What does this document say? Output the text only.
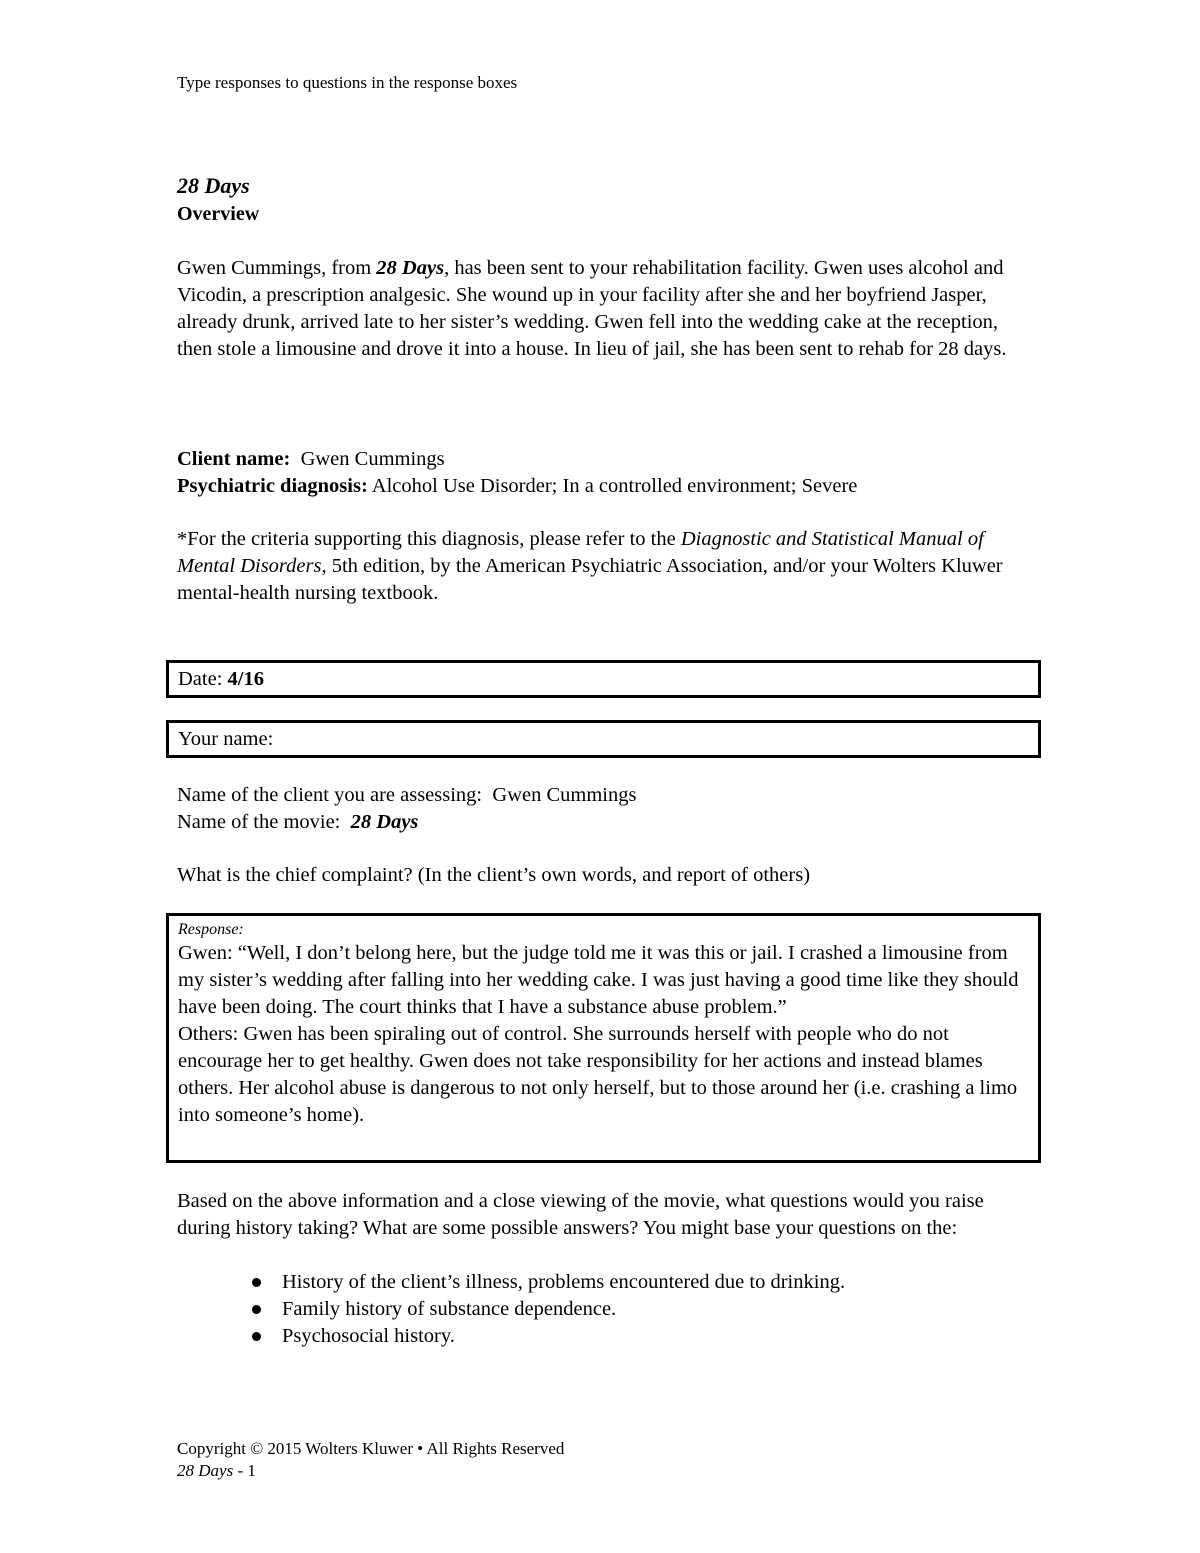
Type responses to questions in the response boxes
28 Days
Overview
Gwen Cummings, from 28 Days, has been sent to your rehabilitation facility. Gwen uses alcohol and Vicodin, a prescription analgesic. She wound up in your facility after she and her boyfriend Jasper, already drunk, arrived late to her sister’s wedding. Gwen fell into the wedding cake at the reception, then stole a limousine and drove it into a house. In lieu of jail, she has been sent to rehab for 28 days.
Client name: Gwen Cummings
Psychiatric diagnosis: Alcohol Use Disorder; In a controlled environment; Severe
*For the criteria supporting this diagnosis, please refer to the Diagnostic and Statistical Manual of Mental Disorders, 5th edition, by the American Psychiatric Association, and/or your Wolters Kluwer mental-health nursing textbook.
Date: 4/16
Your name:
Name of the client you are assessing: Gwen Cummings
Name of the movie: 28 Days
What is the chief complaint? (In the client’s own words, and report of others)
Response:
Gwen: “Well, I don’t belong here, but the judge told me it was this or jail. I crashed a limousine from my sister’s wedding after falling into her wedding cake. I was just having a good time like they should have been doing. The court thinks that I have a substance abuse problem.”
Others: Gwen has been spiraling out of control. She surrounds herself with people who do not encourage her to get healthy. Gwen does not take responsibility for her actions and instead blames others. Her alcohol abuse is dangerous to not only herself, but to those around her (i.e. crashing a limo into someone’s home).
Based on the above information and a close viewing of the movie, what questions would you raise during history taking? What are some possible answers? You might base your questions on the:
History of the client’s illness, problems encountered due to drinking.
Family history of substance dependence.
Psychosocial history.
Copyright © 2015 Wolters Kluwer • All Rights Reserved
28 Days - 1
